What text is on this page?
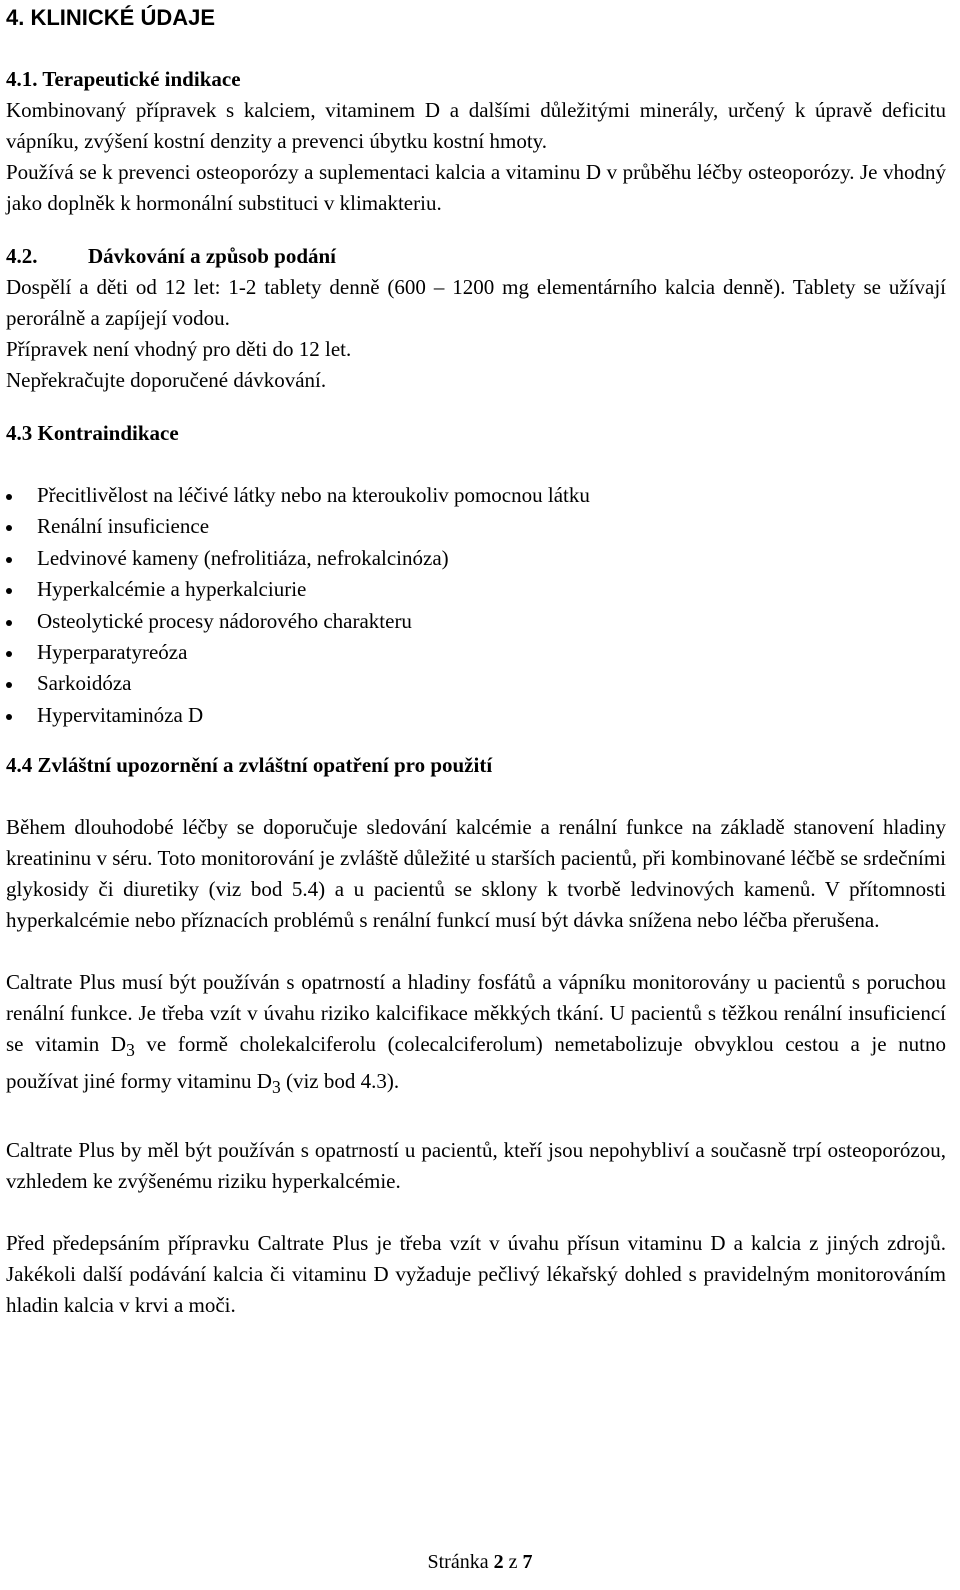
4. KLINICKÉ ÚDAJE
4.1. Terapeutické indikace

Kombinovaný přípravek s kalciem, vitaminem D a dalšími důležitými minerály, určený k úpravě deficitu vápníku, zvýšení kostní denzity a prevenci úbytku kostní hmoty.

Používá se k prevenci osteoporózy a suplementaci kalcia a vitaminu D v průběhu léčby osteoporózy. Je vhodný jako doplněk k hormonální substituci v klimakteriu.

4.2. Dávkování a způsob podání

Dospělí a děti od 12 let: 1-2 tablety denně (600 – 1200 mg elementárního kalcia denně). Tablety se užívají perorálně a zapíjejí vodou.

Přípravek není vhodný pro děti do 12 let.

Nepřekračujte doporučené dávkování.

4.3 Kontraindikace
Přecitlivělost na léčivé látky nebo na kteroukoliv pomocnou látku
Renální insuficience
Ledvinové kameny (nefrolitiáza, nefrokalcinóza)
Hyperkalcémie a hyperkalciurie
Osteolytické procesy nádorového charakteru
Hyperparatyreóza
Sarkoidóza
Hypervitaminóza D
4.4 Zvláštní upozornění a zvláštní opatření pro použití

Během dlouhodobé léčby se doporučuje sledování kalcémie a renální funkce na základě stanovení hladiny kreatininu v séru. Toto monitorování je zvláště důležité u starších pacientů, při kombinované léčbě se srdečními glykosidy či diuretiky (viz bod 5.4) a u pacientů se sklony k tvorbě ledvinových kamenů. V přítomnosti hyperkalcémie nebo příznacích problémů s renální funkcí musí být dávka snížena nebo léčba přerušena.

Caltrate Plus musí být používán s opatrností a hladiny fosfátů a vápníku monitorovány u pacientů s poruchou renální funkce. Je třeba vzít v úvahu riziko kalcifikace měkkých tkání. U pacientů s těžkou renální insuficiencí se vitamin $D_3$ ve formě cholekalciferolu (colecalciferolum) nemetabolizuje obvyklou cestou a je nutno používat jiné formy vitaminu $D_3$ (viz bod 4.3).

Caltrate Plus by měl být používán s opatrností u pacientů, kteří jsou nepohybliví a současně trpí osteoporózou, vzhledem ke zvýšenému riziku hyperkalcémie.

Před předepsáním přípravku Caltrate Plus je třeba vzít v úvahu přísun vitaminu D a kalcia z jiných zdrojů. Jakékoli další podávání kalcia či vitaminu D vyžaduje pečlivý lékařský dohled s pravidelným monitorováním hladin kalcia v krvi a moči.

Stránka 2 z 7
